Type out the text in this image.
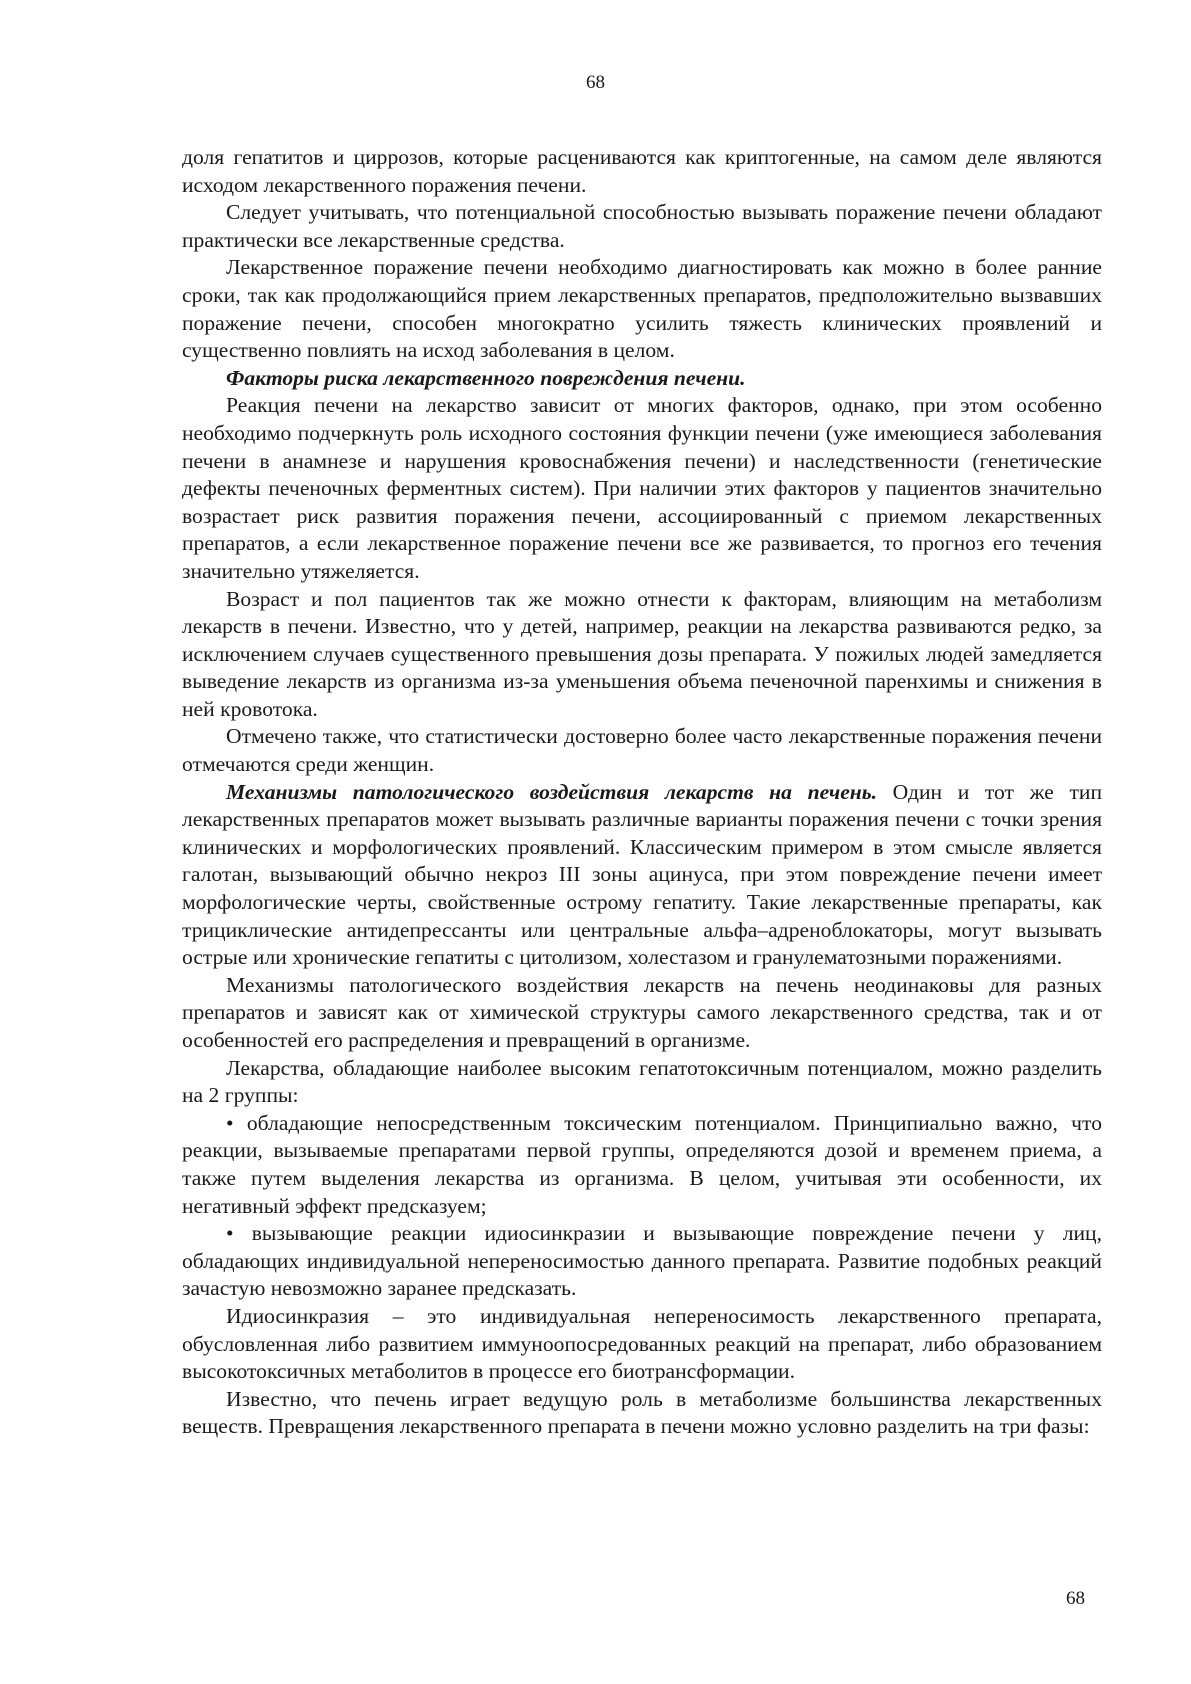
68

доля гепатитов и циррозов, которые расцениваются как криптогенные, на самом деле являются исходом лекарственного поражения печени.

Следует учитывать, что потенциальной способностью вызывать поражение печени обладают практически все лекарственные средства.

Лекарственное поражение печени необходимо диагностировать как можно в более ранние сроки, так как продолжающийся прием лекарственных препаратов, предположительно вызвавших поражение печени, способен многократно усилить тяжесть клинических проявлений и существенно повлиять на исход заболевания в целом.

Факторы риска лекарственного повреждения печени.

Реакция печени на лекарство зависит от многих факторов, однако, при этом особенно необходимо подчеркнуть роль исходного состояния функции печени (уже имеющиеся заболевания печени в анамнезе и нарушения кровоснабжения печени) и наследственности (генетические дефекты печеночных ферментных систем). При наличии этих факторов у пациентов значительно возрастает риск развития поражения печени, ассоциированный с приемом лекарственных препаратов, а если лекарственное поражение печени все же развивается, то прогноз его течения значительно утяжеляется.

Возраст и пол пациентов так же можно отнести к факторам, влияющим на метаболизм лекарств в печени. Известно, что у детей, например, реакции на лекарства развиваются редко, за исключением случаев существенного превышения дозы препарата. У пожилых людей замедляется выведение лекарств из организма из-за уменьшения объема печеночной паренхимы и снижения в ней кровотока.

Отмечено также, что статистически достоверно более часто лекарственные поражения печени отмечаются среди женщин.

Механизмы патологического воздействия лекарств на печень. Один и тот же тип лекарственных препаратов может вызывать различные варианты поражения печени с точки зрения клинических и морфологических проявлений. Классическим примером в этом смысле является галотан, вызывающий обычно некроз III зоны ацинуса, при этом повреждение печени имеет морфологические черты, свойственные острому гепатиту. Такие лекарственные препараты, как трициклические антидепрессанты или центральные альфа–адреноблокаторы, могут вызывать острые или хронические гепатиты с цитолизом, холестазом и гранулематозными поражениями.

Механизмы патологического воздействия лекарств на печень неодинаковы для разных препаратов и зависят как от химической структуры самого лекарственного средства, так и от особенностей его распределения и превращений в организме.

Лекарства, обладающие наиболее высоким гепатотоксичным потенциалом, можно разделить на 2 группы:

• обладающие непосредственным токсическим потенциалом. Принципиально важно, что реакции, вызываемые препаратами первой группы, определяются дозой и временем приема, а также путем выделения лекарства из организма. В целом, учитывая эти особенности, их негативный эффект предсказуем;

• вызывающие реакции идиосинкразии и вызывающие повреждение печени у лиц, обладающих индивидуальной непереносимостью данного препарата. Развитие подобных реакций зачастую невозможно заранее предсказать.

Идиосинкразия – это индивидуальная непереносимость лекарственного препарата, обусловленная либо развитием иммуноопосредованных реакций на препарат, либо образованием высокотоксичных метаболитов в процессе его биотрансформации.

Известно, что печень играет ведущую роль в метаболизме большинства лекарственных веществ. Превращения лекарственного препарата в печени можно условно разделить на три фазы:

68
